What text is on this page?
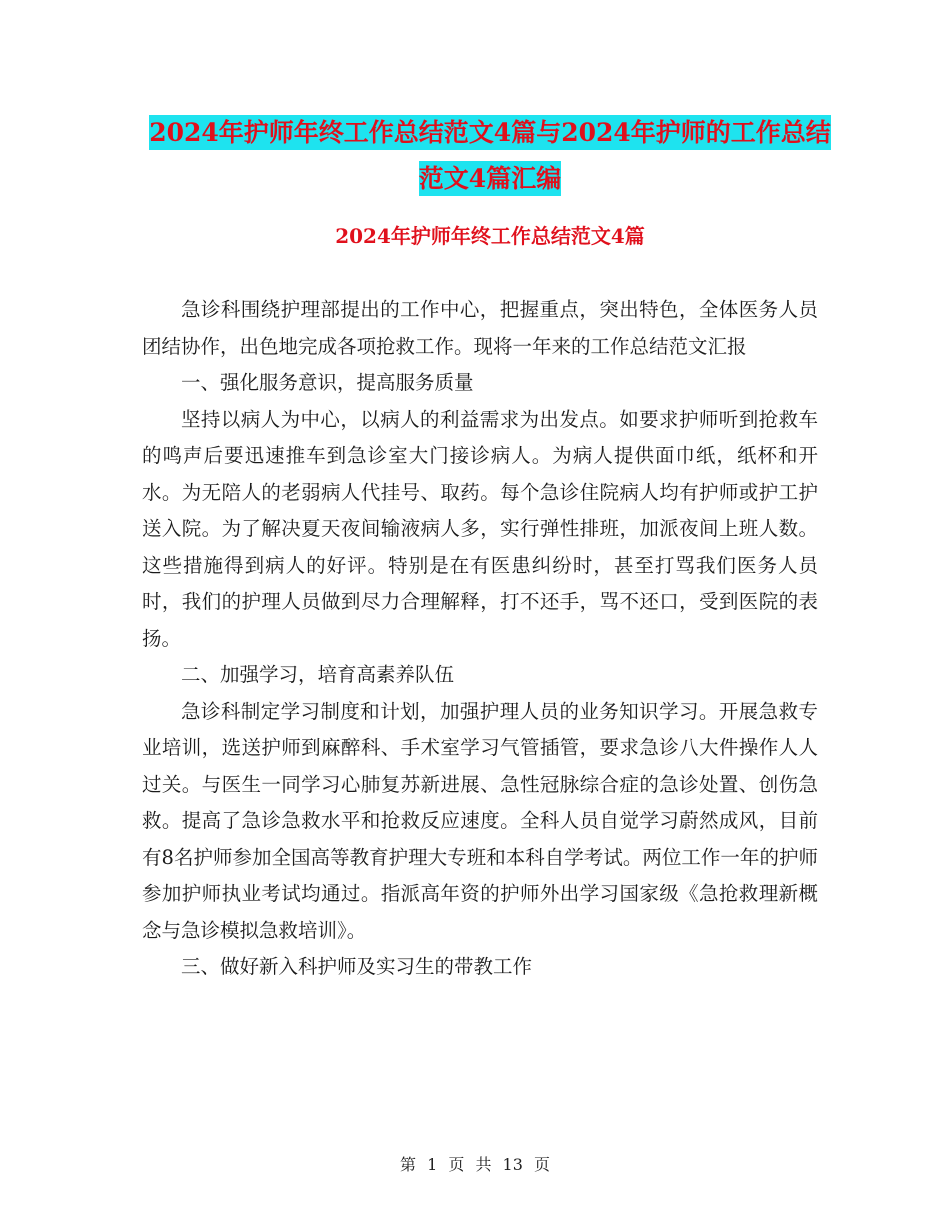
2024年护师年终工作总结范文4篇与2024年护师的工作总结范文4篇汇编
2024年护师年终工作总结范文4篇

急诊科围绕护理部提出的工作中心，把握重点，突出特色，全体医务人员团结协作，出色地完成各项抢救工作。现将一年来的工作总结范文汇报

一、强化服务意识，提高服务质量

坚持以病人为中心，以病人的利益需求为出发点。如要求护师听到抢救车的鸣声后要迅速推车到急诊室大门接诊病人。为病人提供面巾纸，纸杯和开水。为无陪人的老弱病人代挂号、取药。每个急诊住院病人均有护师或护工护送入院。为了解决夏天夜间输液病人多，实行弹性排班，加派夜间上班人数。这些措施得到病人的好评。特别是在有医患纠纷时，甚至打骂我们医务人员时，我们的护理人员做到尽力合理解释，打不还手，骂不还口，受到医院的表扬。

二、加强学习，培育高素养队伍

急诊科制定学习制度和计划，加强护理人员的业务知识学习。开展急救专业培训，选送护师到麻醉科、手术室学习气管插管，要求急诊八大件操作人人过关。与医生一同学习心肺复苏新进展、急性冠脉综合症的急诊处置、创伤急救。提高了急诊急救水平和抢救反应速度。全科人员自觉学习蔚然成风，目前有8名护师参加全国高等教育护理大专班和本科自学考试。两位工作一年的护师参加护师执业考试均通过。指派高年资的护师外出学习国家级《急抢救理新概念与急诊模拟急救培训》。

三、做好新入科护师及实习生的带教工作

第 1 页 共 13 页
